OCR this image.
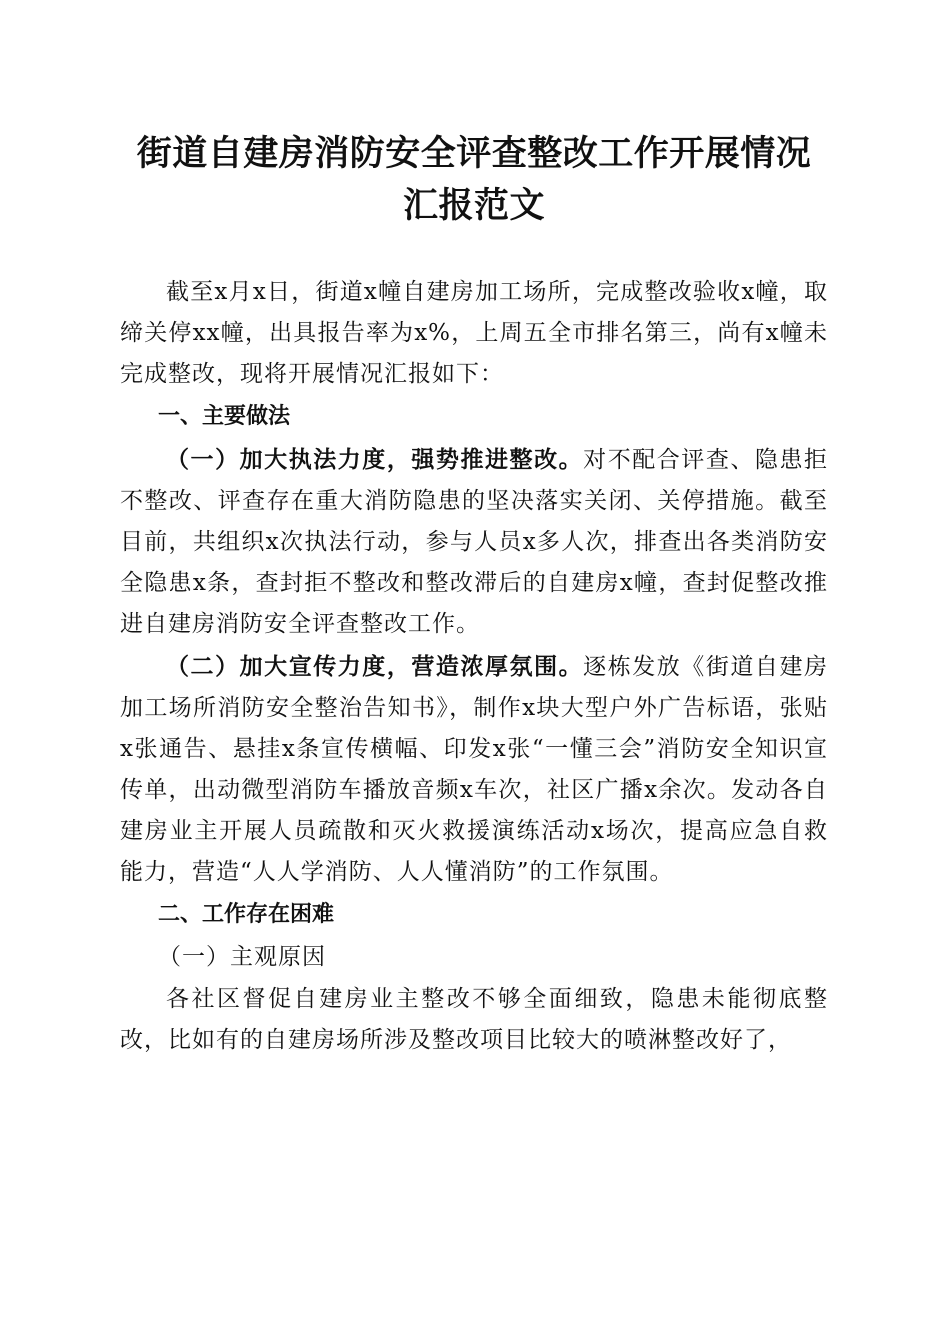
街道自建房消防安全评查整改工作开展情况汇报范文

截至x月x日，街道x幢自建房加工场所，完成整改验收x幢，取缔关停xx幢，出具报告率为x%，上周五全市排名第三，尚有x幢未完成整改，现将开展情况汇报如下：

一、主要做法

（一）加大执法力度，强势推进整改。对不配合评查、隐患拒不整改、评查存在重大消防隐患的坚决落实关闭、关停措施。截至目前，共组织x次执法行动，参与人员x多人次，排查出各类消防安全隐患x条，查封拒不整改和整改滞后的自建房x幢，查封促整改推进自建房消防安全评查整改工作。

（二）加大宣传力度，营造浓厚氛围。逐栋发放《街道自建房加工场所消防安全整治告知书》，制作x块大型户外广告标语，张贴x张通告、悬挂x条宣传横幅、印发x张“一懂三会”消防安全知识宣传单，出动微型消防车播放音频x车次，社区广播x余次。发动各自建房业主开展人员疏散和灭火救援演练活动x场次，提高应急自救能力，营造“人人学消防、人人懂消防”的工作氛围。

二、工作存在困难
（一）主观原因

各社区督促自建房业主整改不够全面细致，隐患未能彻底整改，比如有的自建房场所涉及整改项目比较大的喷淋整改好了，
